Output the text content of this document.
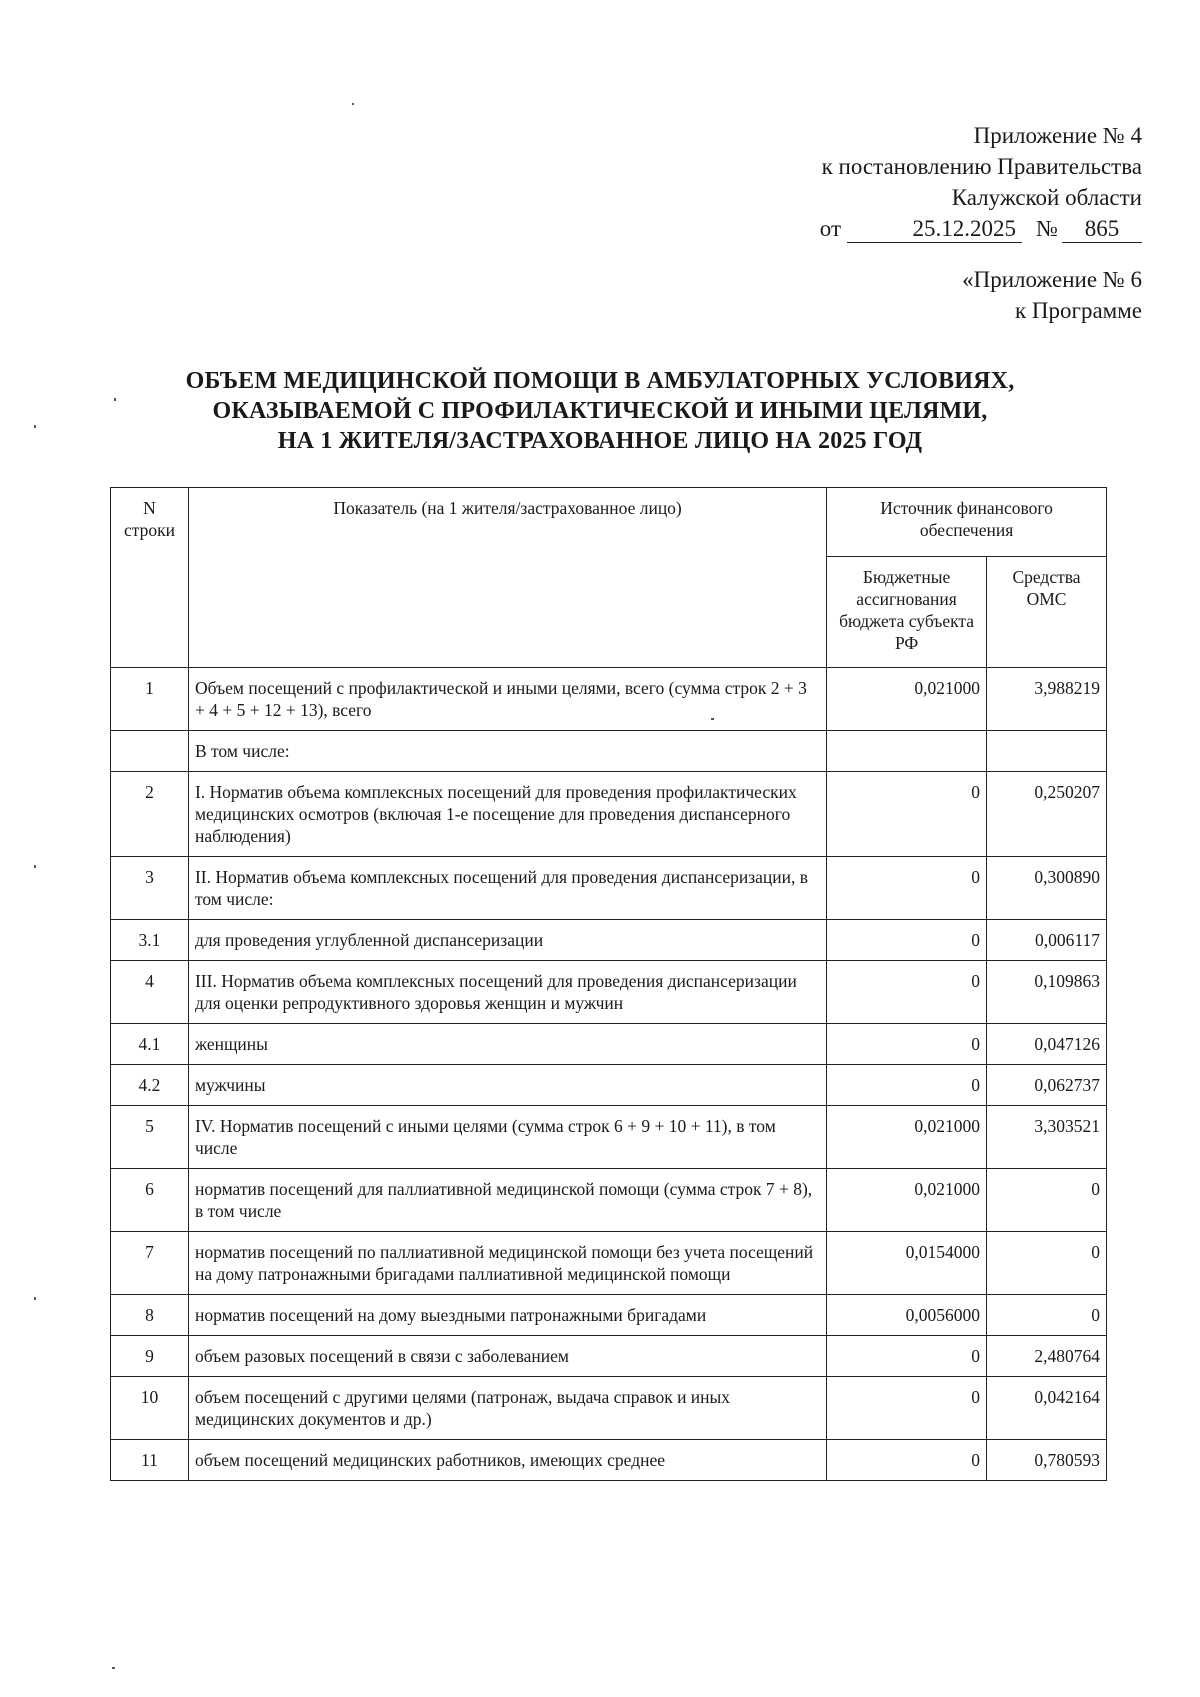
Приложение № 4
к постановлению Правительства
Калужской области
от	25.12.2025 №	865
«Приложение № 6
к Программе
ОБЪЕМ МЕДИЦИНСКОЙ ПОМОЩИ В АМБУЛАТОРНЫХ УСЛОВИЯХ,
ОКАЗЫВАЕМОЙ С ПРОФИЛАКТИЧЕСКОЙ И ИНЫМИ ЦЕЛЯМИ,
НА 1 ЖИТЕЛЯ/ЗАСТРАХОВАННОЕ ЛИЦО НА 2025 ГОД
N строки	Показатель (на 1 жителя/застрахованное лицо)	Источник финансового обеспечения	
		Бюджетные ассигнования бюджета субъекта РФ	Средства ОМС
1	Объем посещений с профилактической и иными целями, всего (сумма строк 2 + 3 + 4 + 5 + 12 + 13), всего	0,021000	3,988219
	В том числе:		
2	I. Норматив объема комплексных посещений для проведения профилактических медицинских осмотров (включая 1-е посещение для проведения диспансерного наблюдения)	0	0,250207
3	II. Норматив объема комплексных посещений для проведения диспансеризации, в том числе:	0	0,300890
3.1	для проведения углубленной диспансеризации	0	0,006117
4	III. Норматив объема комплексных посещений для проведения диспансеризации для оценки репродуктивного здоровья женщин и мужчин	0	0,109863
4.1	женщины	0	0,047126
4.2	мужчины	0	0,062737
5	IV. Норматив посещений с иными целями (сумма строк 6 + 9 + 10 + 11), в том числе	0,021000	3,303521
6	норматив посещений для паллиативной медицинской помощи (сумма строк 7 + 8), в том числе	0,021000	0
7	норматив посещений по паллиативной медицинской помощи без учета посещений на дому патронажными бригадами паллиативной медицинской помощи	0,0154000	0
8	норматив посещений на дому выездными патронажными бригадами	0,0056000	0
9	объем разовых посещений в связи с заболеванием	0	2,480764
10	объем посещений с другими целями (патронаж, выдача справок и иных медицинских документов и др.)	0	0,042164
11	объем посещений медицинских работников, имеющих среднее	0	0,780593
